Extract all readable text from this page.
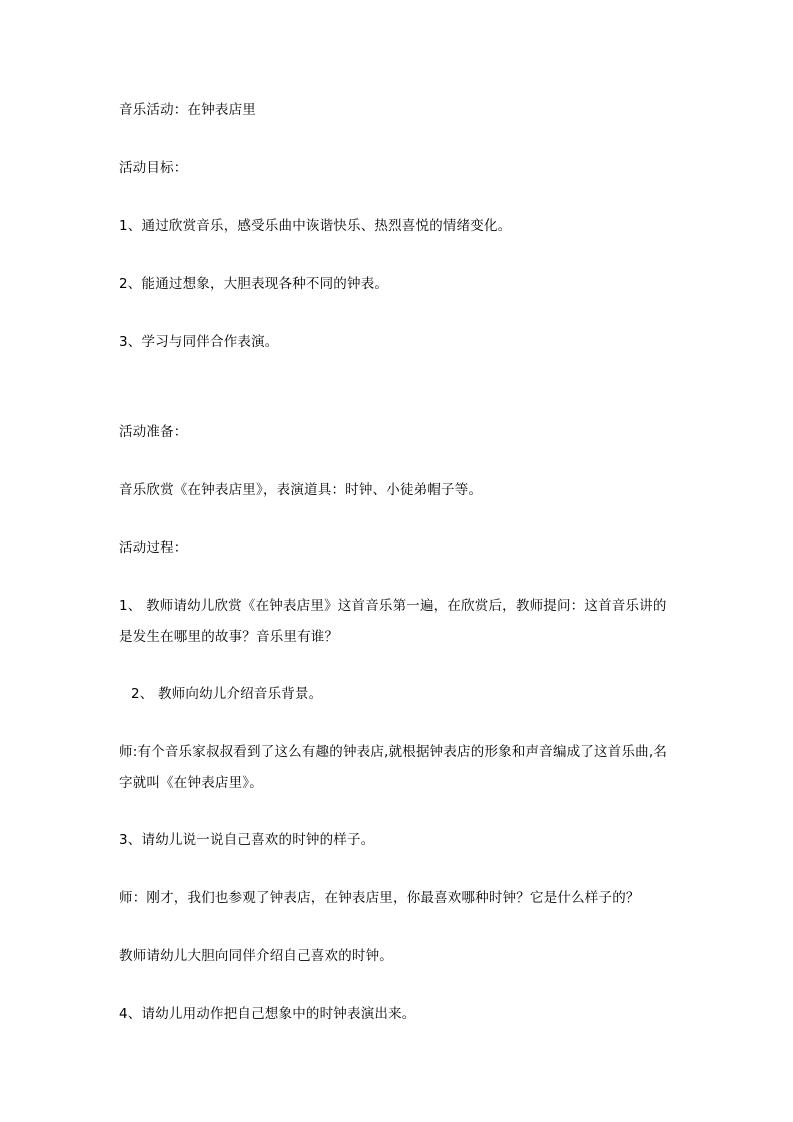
音乐活动：在钟表店里
活动目标：
1、通过欣赏音乐，感受乐曲中诙谐快乐、热烈喜悦的情绪变化。
2、能通过想象，大胆表现各种不同的钟表。
3、学习与同伴合作表演。
活动准备：
音乐欣赏《在钟表店里》，表演道具：时钟、小徒弟帽子等。
活动过程：
1、 教师请幼儿欣赏《在钟表店里》这首音乐第一遍，在欣赏后，教师提问：这首音乐讲的是发生在哪里的故事？音乐里有谁？
2、 教师向幼儿介绍音乐背景。
师:有个音乐家叔叔看到了这么有趣的钟表店,就根据钟表店的形象和声音编成了这首乐曲,名字就叫《在钟表店里》。
3、请幼儿说一说自己喜欢的时钟的样子。
师：刚才，我们也参观了钟表店，在钟表店里，你最喜欢哪种时钟？它是什么样子的？
教师请幼儿大胆向同伴介绍自己喜欢的时钟。
4、请幼儿用动作把自己想象中的时钟表演出来。
